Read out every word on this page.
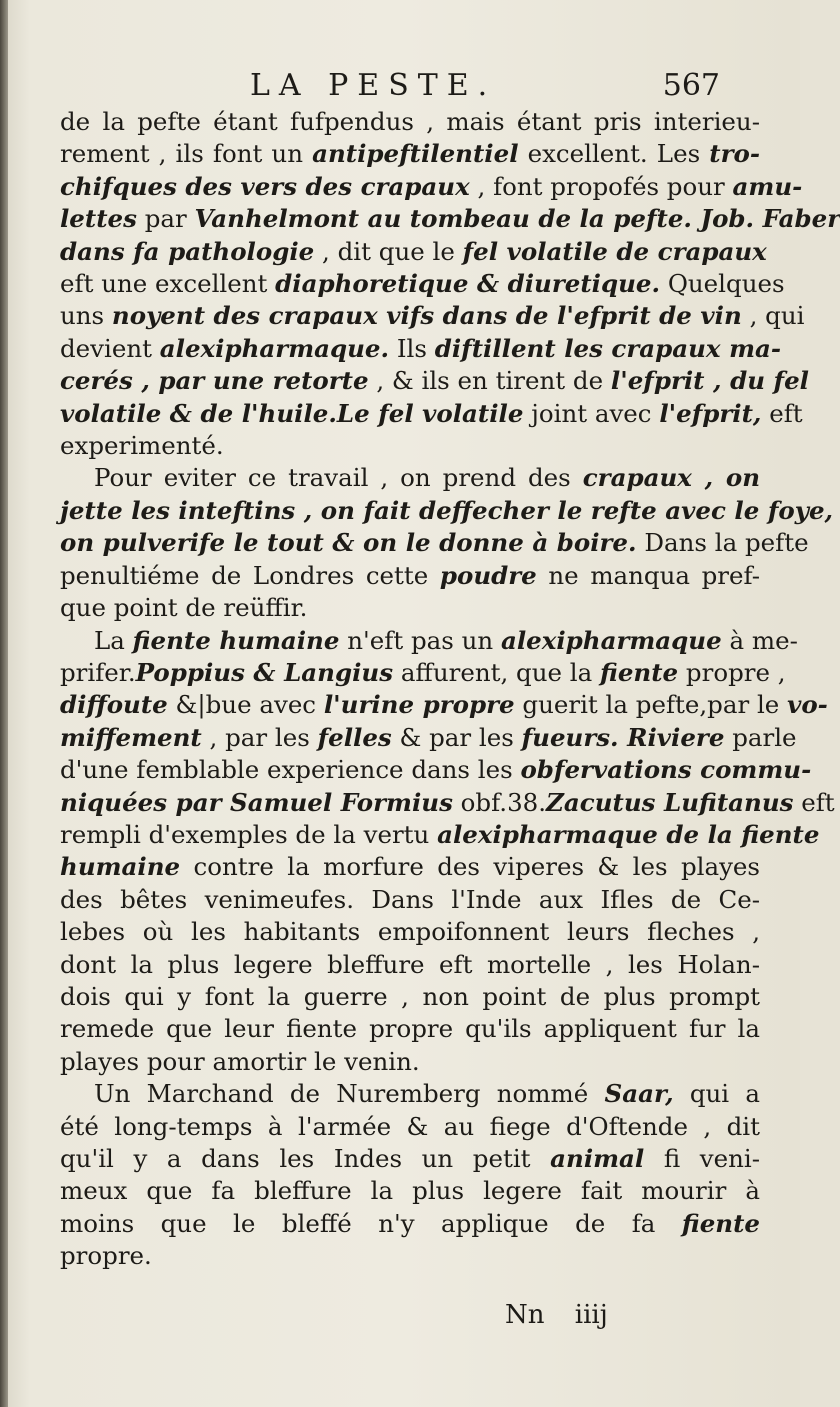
LA PESTE.	567
de la pefte étant fufpendus , mais étant pris interieu-
rement , ils font un antipeftilentiel excellent. Les tro-
chifques des vers des crapaux , font propofés pour amu-
lettes par Vanhelmont au tombeau de la pefte. Job. Faber
dans fa pathologie , dit que le fel volatile de crapaux
eft une excellent diaphoretique & diuretique. Quelques
uns noyent des crapaux vifs dans de l'efprit de vin , qui
devient alexipharmaque. Ils diftillent les crapaux ma-
cerés , par une retorte , & ils en tirent de l'efprit , du fel
volatile & de l'huile.Le fel volatile joint avec l'efprit, eft
experimenté.
Pour eviter ce travail , on prend des crapaux , on
jette les inteftins , on fait deffecher le refte avec le foye,
on pulverife le tout & on le donne à boire. Dans la pefte
penultiéme de Londres cette poudre ne manqua pref-
que point de reüffir.
La fiente humaine n'eft pas un alexipharmaque à me-
prifer.Poppius & Langius affurent, que la fiente propre ,
diffoute &|bue avec l'urine propre guerit la pefte,par le vo-
miffement , par les felles & par les fueurs. Riviere parle
d'une femblable experience dans les obfervations commu-
niquées par Samuel Formius obf.38.Zacutus Lufitanus eft
rempli d'exemples de la vertu alexipharmaque de la fiente
humaine contre la morfure des viperes & les playes
des bêtes venimeufes. Dans l'Inde aux Ifles de Ce-
lebes où les habitants empoifonnent leurs fleches ,
dont la plus legere bleffure eft mortelle , les Holan-
dois qui y font la guerre , non point de plus prompt
remede que leur fiente propre qu'ils appliquent fur la
playes pour amortir le venin.
Un Marchand de Nuremberg nommé Saar, qui a
été long-temps à l'armée & au fiege d'Oftende , dit
qu'il y a dans les Indes un petit animal fi veni-
meux que fa bleffure la plus legere fait mourir à
moins que le bleffé n'y applique de fa fiente
propre.
Nn iiij
